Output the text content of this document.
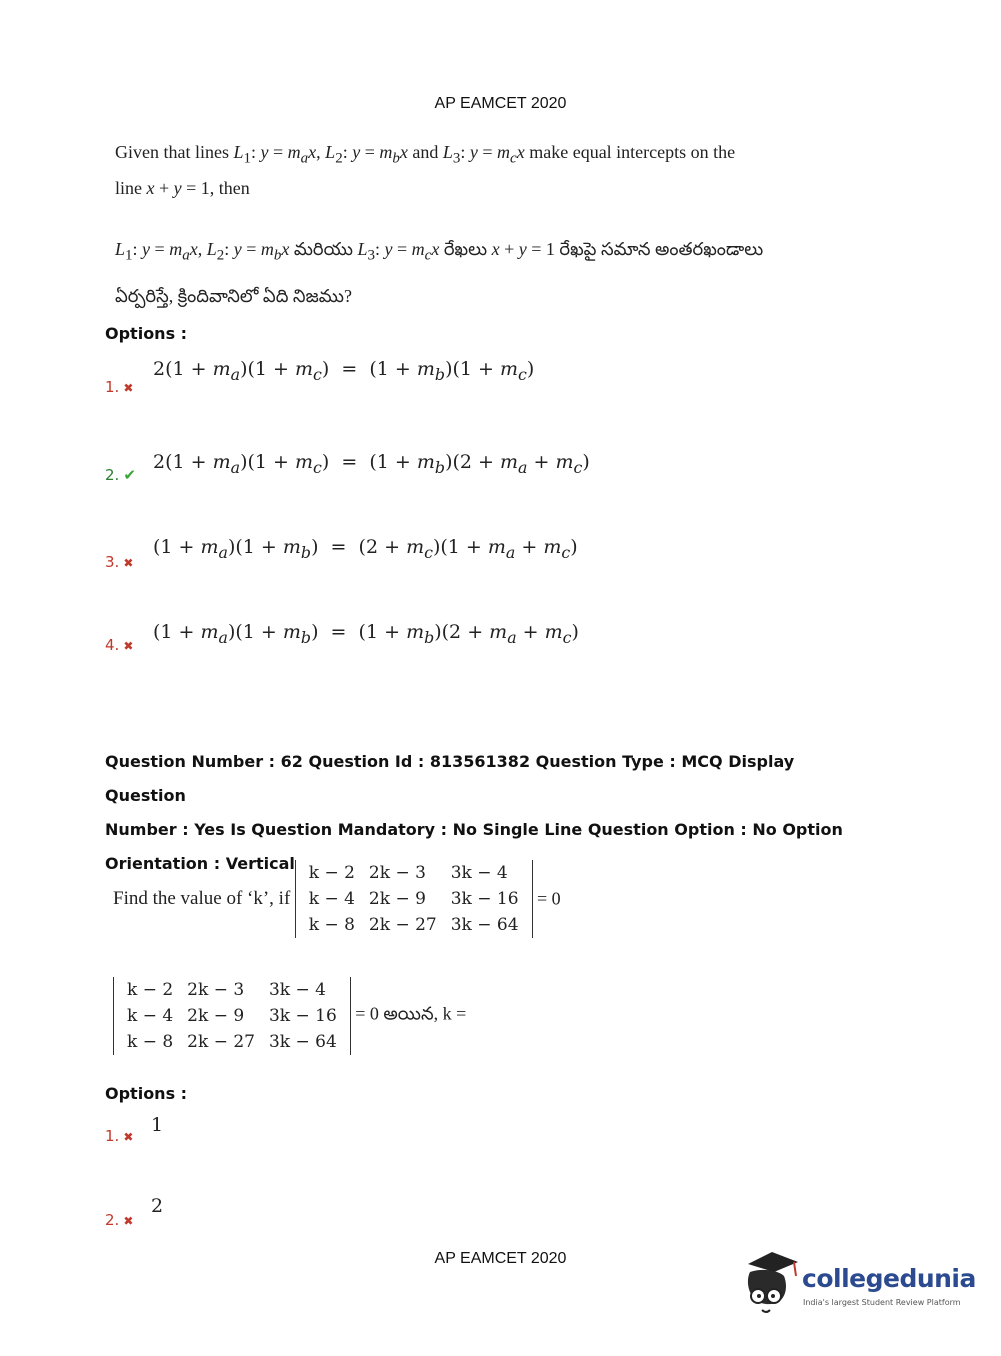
AP EAMCET 2020
Given that lines $L_1$: $y = m_ax$, $L_2$: $y = m_bx$ and $L_3$: $y = m_cx$ make equal intercepts on the
line x + y = 1, then
$L_1$: $y = m_ax$, $L_2$: $y = m_bx$ మరియు $L_3$: $y = m_cx$ రేఖలు x + y = 1 రేఖపై సమాన అంతరఖండాలు
ఏర్పరిస్తే, క్రిందివానిలో ఏది నిజము?
Options :
1. ✖
$2(1 + m_a)(1 + m_c) = (1 + m_b)(1 + m_c)$
2. ✔
$2(1 + m_a)(1 + m_c) = (1 + m_b)(2 + m_a + m_c)$
3. ✖
$(1 + m_a)(1 + m_b) = (2 + m_c)(1 + m_a + m_c)$
4. ✖
$(1 + m_a)(1 + m_b) = (1 + m_b)(2 + m_a + m_c)$
Question Number : 62 Question Id : 813561382 Question Type : MCQ Display Question
Number : Yes Is Question Mandatory : No Single Line Question Option : No Option
Orientation : Vertical
Find the value of ‘k’, if
k − 2	2k − 3	3k − 4
k − 4	2k − 9	3k − 16
k − 8	2k − 27	3k − 64
= 0
k − 2	2k − 3	3k − 4
k − 4	2k − 9	3k − 16
k − 8	2k − 27	3k − 64
= 0 అయిన, k =
Options :
1. ✖
1
2. ✖
2
AP EAMCET 2020
collegedunia
India's largest Student Review Platform
